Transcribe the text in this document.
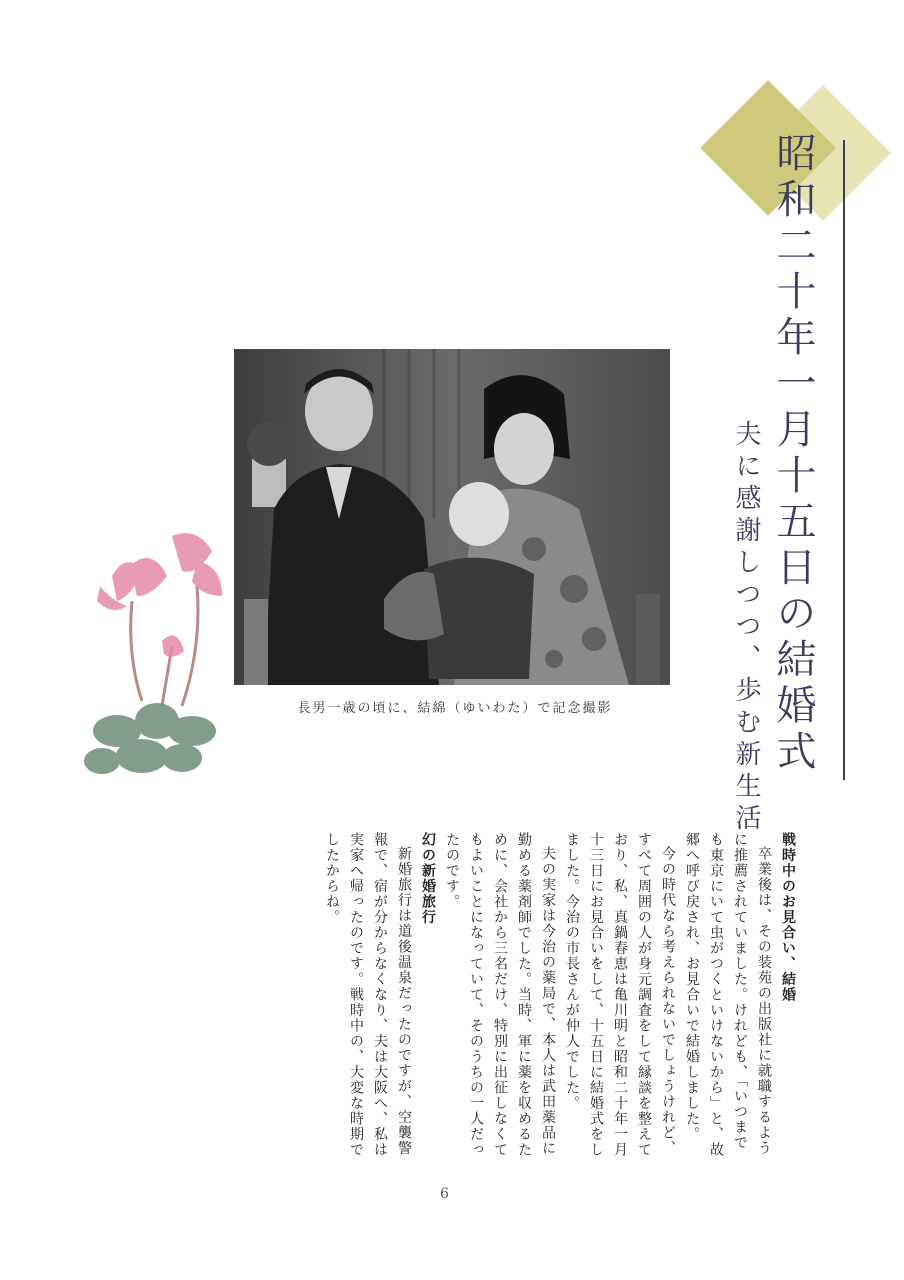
昭和二十年一月十五日の結婚式
夫に感謝しつつ、歩む新生活
長男一歳の頃に、結綿（ゆいわた）で記念撮影
戦時中のお見合い、結婚

卒業後は、その装苑の出版社に就職するように推薦されていました。けれども、「いつまでも東京にいて虫がつくといけないから」と、故郷へ呼び戻され、お見合いで結婚しました。

今の時代なら考えられないでしょうけれど、すべて周囲の人が身元調査をして縁談を整えており、私、真鍋春恵は亀川明と昭和二十年一月十三日にお見合いをして、十五日に結婚式をしました。今治の市長さんが仲人でした。

夫の実家は今治の薬局で、本人は武田薬品に勤める薬剤師でした。当時、軍に薬を収めるために、会社から三名だけ、特別に出征しなくてもよいことになっていて、そのうちの一人だったのです。

幻の新婚旅行

新婚旅行は道後温泉だったのですが、空襲警報で、宿が分からなくなり、夫は大阪へ、私は実家へ帰ったのです。戦時中の、大変な時期でしたからね。

6
